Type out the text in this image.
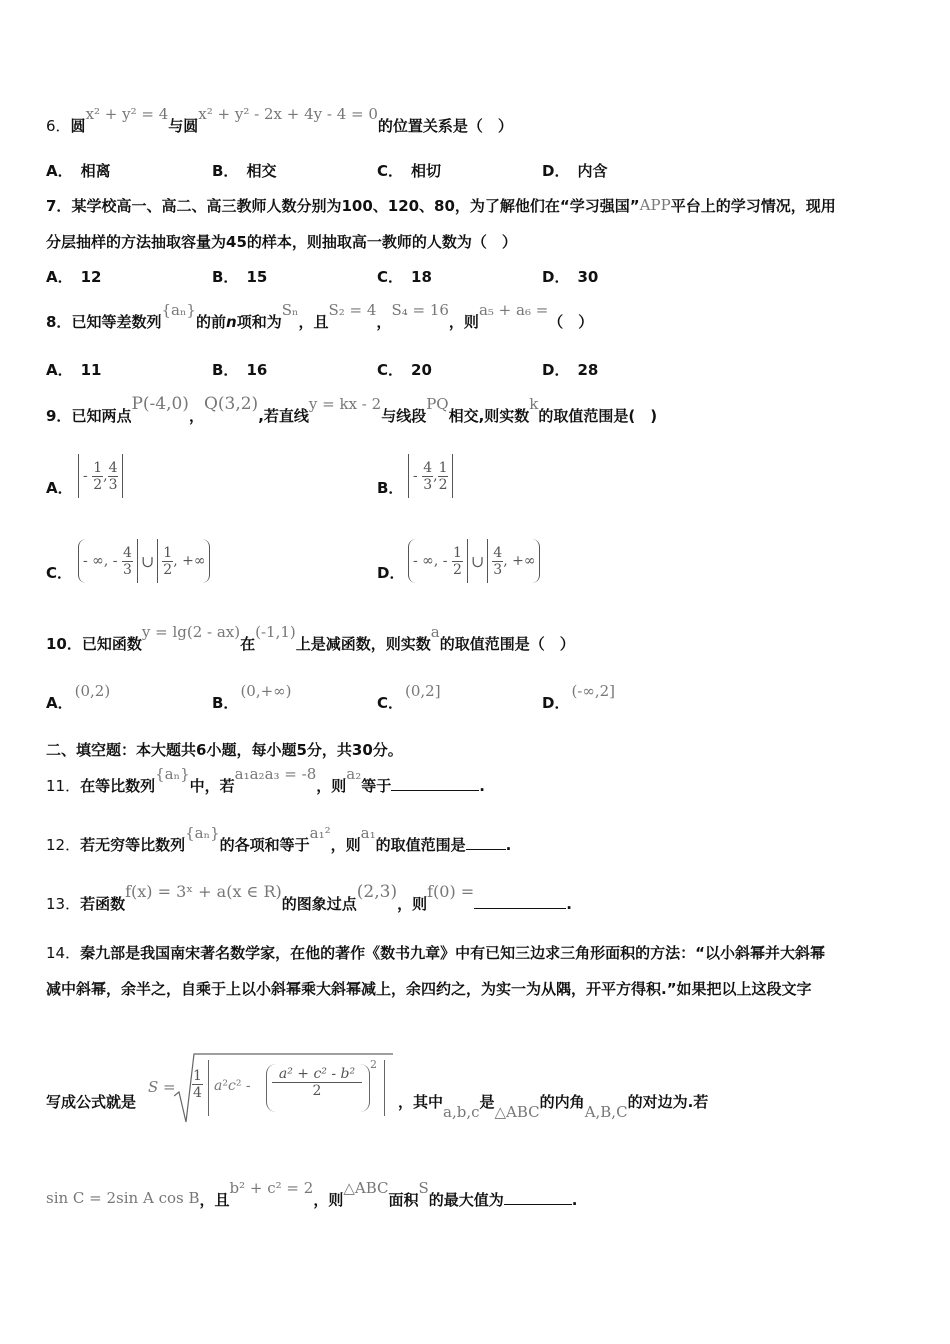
6．圆x² + y² = 4与圆x² + y² - 2x + 4y - 4 = 0的位置关系是（　）
A． 相离	B． 相交	C． 相切	D． 内含
7．某学校高一、高二、高三教师人数分别为100、120、80，为了解他们在“学习强国”APP平台上的学习情况，现用
分层抽样的方法抽取容量为45的样本，则抽取高一教师的人数为（　）
A． 12	B． 15	C． 18	D． 30
8．已知等差数列{aₙ}的前n项和为Sₙ，且S₂ = 4，S₄ = 16，则a₅ + a₆ =（　）
A． 11	B． 16	C． 20	D． 28
9．已知两点P(-4,0)，Q(3,2),若直线y = kx - 2与线段PQ相交,则实数k的取值范围是(　)
A．
- $\frac{1}{2}$ , $\frac{4}{3}$	B．
- $\frac{4}{3}$ , $\frac{1}{2}$
C．
- ∞, - $\frac{4}{3}$ ∪ $\frac{1}{2}$ , +∞
D．
- ∞, - $\frac{1}{2}$ ∪ $\frac{4}{3}$ , +∞
10．已知函数y = lg(2 - ax)在(-1,1)上是减函数，则实数a的取值范围是（　）
A．(0,2)
B．(0,+∞)
C．(0,2]
D．(-∞,2]
二、填空题：本大题共6小题，每小题5分，共30分。
11．在等比数列{aₙ}中，若a₁a₂a₃ = -8，则a₂等于	.
12．若无穷等比数列{aₙ}的各项和等于a₁²，则a₁的取值范围是	.
13．若函数f(x) = 3ˣ + a(x ∈ R)的图象过点(2,3)，则f(0) =.
14．秦九部是我国南宋著名数学家，在他的著作《数书九章》中有已知三边求三角形面积的方法：“以小斜幂并大斜幂
减中斜幂，余半之，自乘于上以小斜幂乘大斜幂减上，余四约之，为实一为从隅，开平方得积.”如果把以上这段文字
写成公式就是
$S = \frac{1}{4} a^2c^2 - \frac{\text{a² + c² - b²}}{2}$
2
，其中a,b,c是△ABC的内角A,B,C的对边为.若
sin C = 2sin A cos B，且b² + c² = 2，则△ABC面积S的最大值为	.
